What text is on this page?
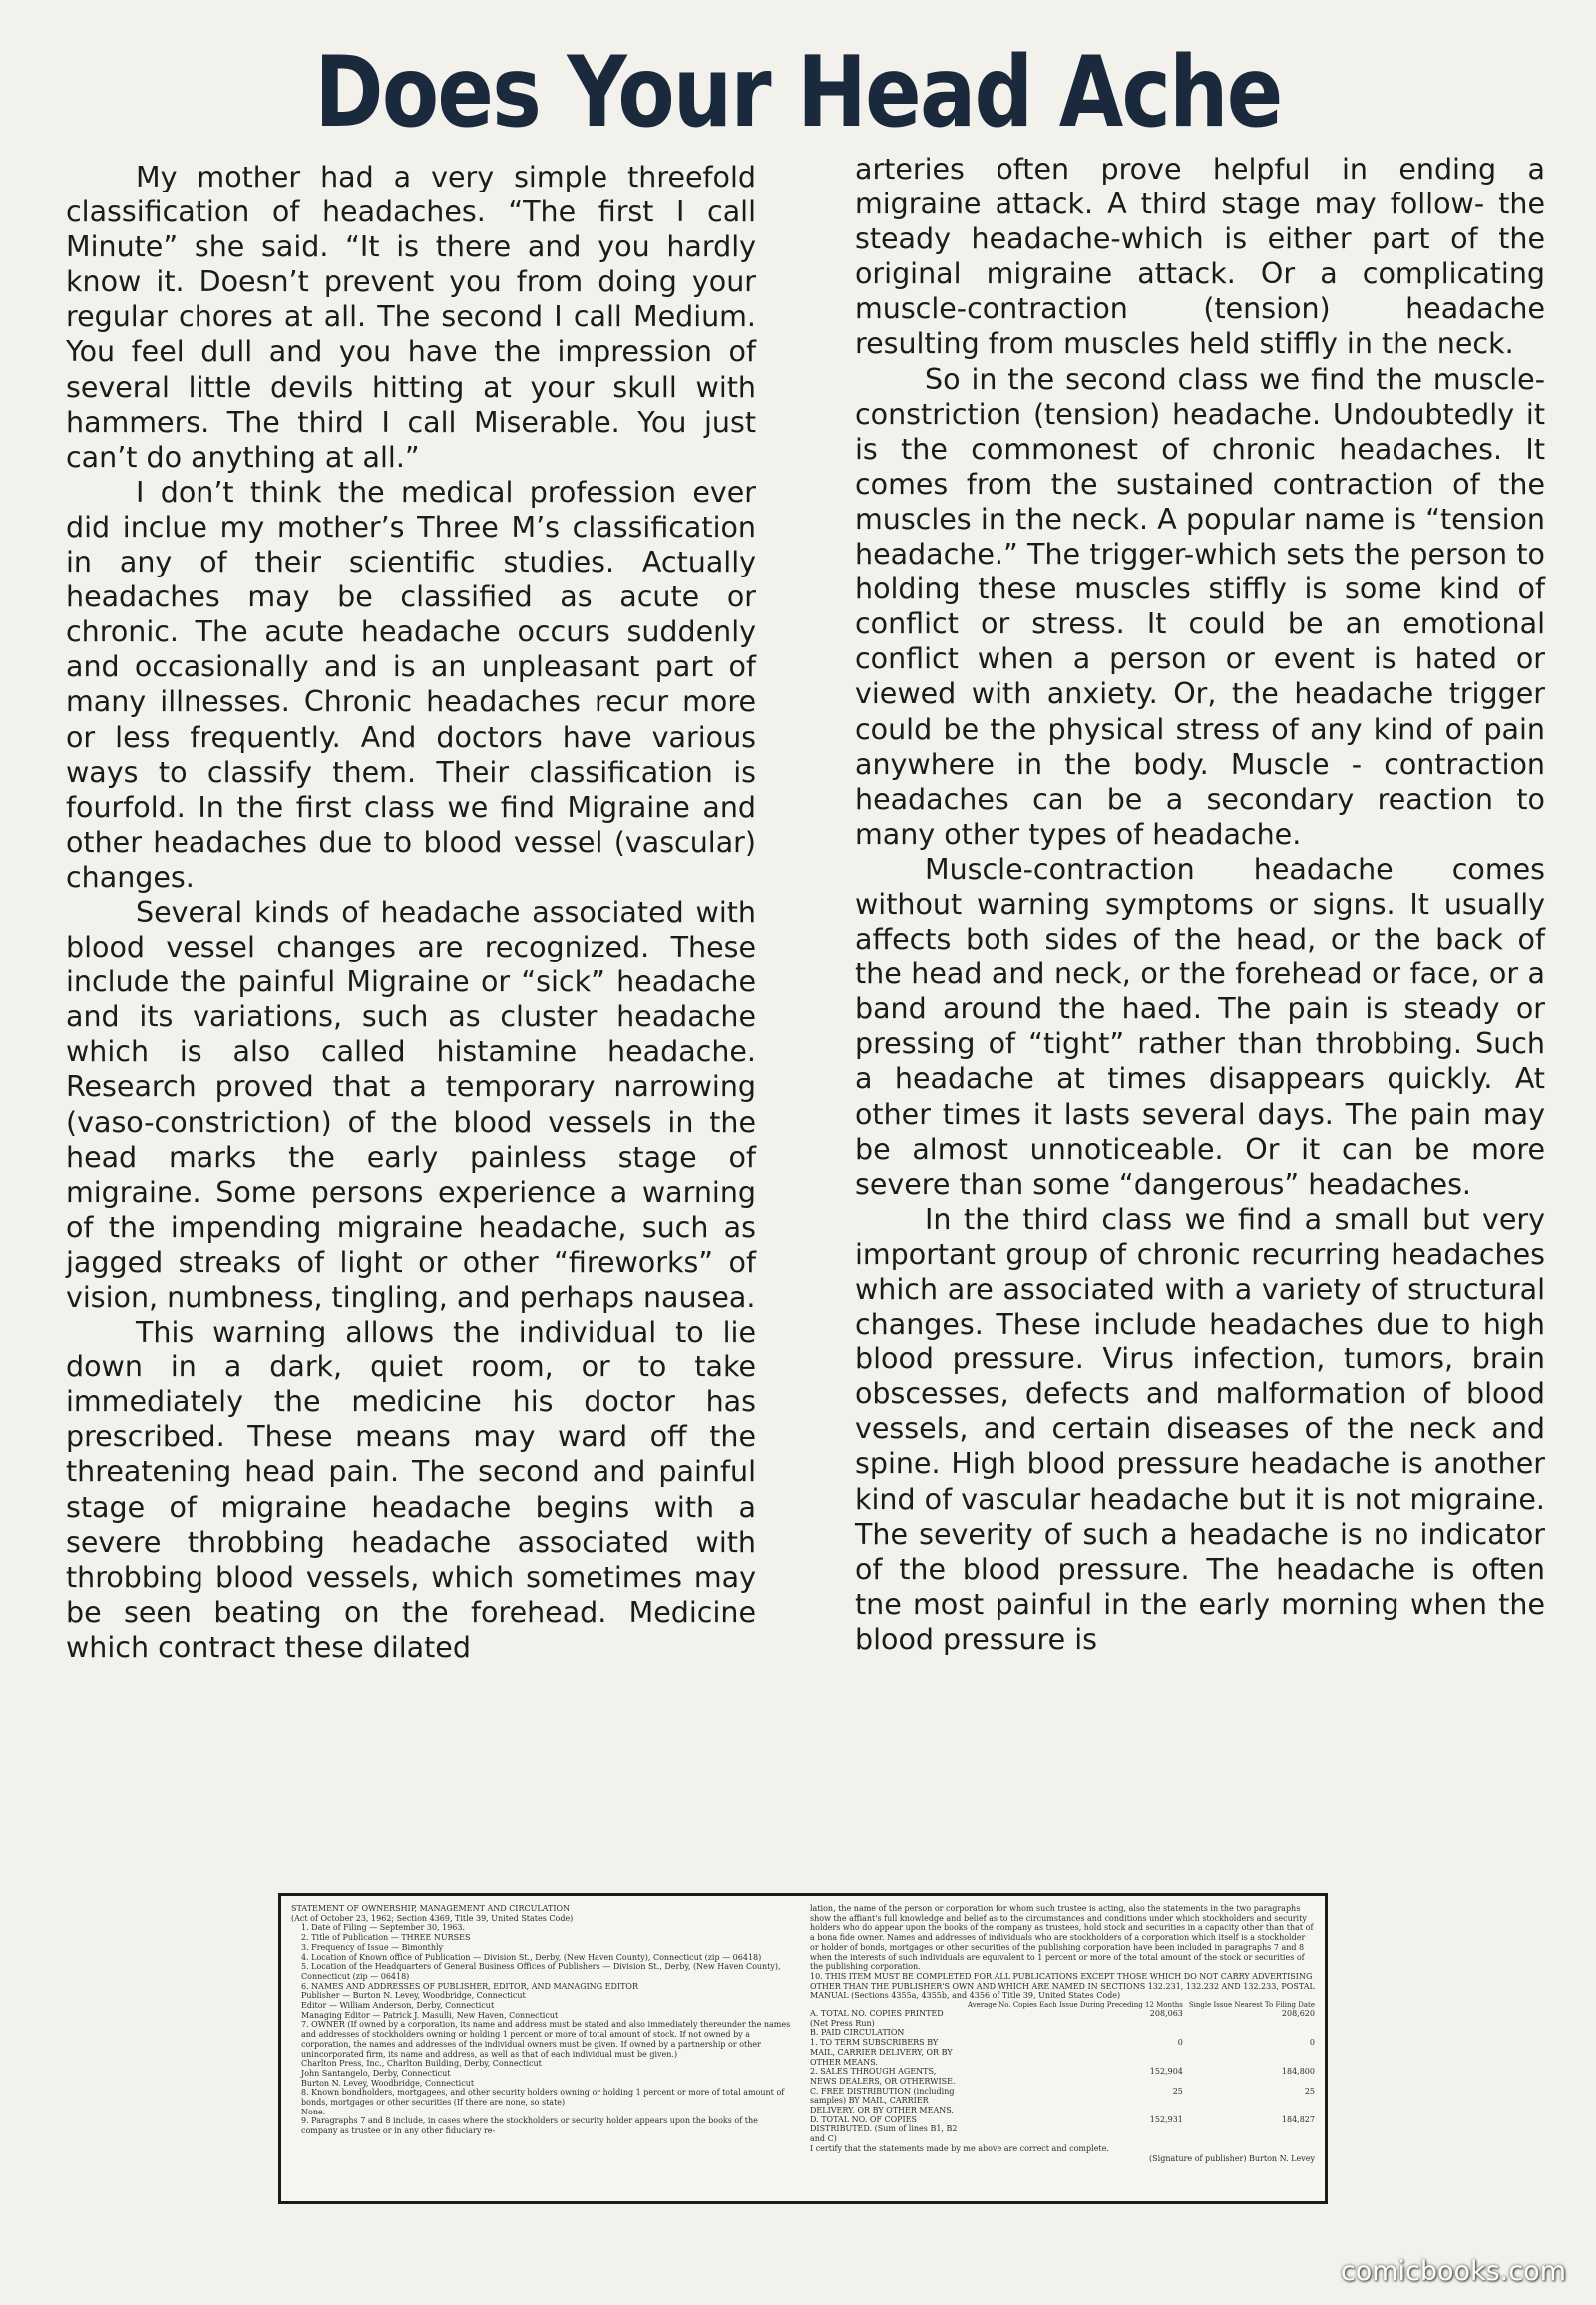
Does Your Head Ache

My mother had a very simple threefold classification of headaches. “The first I call Minute” she said. “It is there and you hardly know it. Doesn’t prevent you from doing your regular chores at all. The second I call Medium. You feel dull and you have the impression of several little devils hitting at your skull with hammers. The third I call Miserable. You just can’t do anything at all.”

I don’t think the medical profession ever did inclue my mother’s Three M’s classification in any of their scientific studies. Actually headaches may be classified as acute or chronic. The acute headache occurs suddenly and occasionally and is an unpleasant part of many illnesses. Chronic headaches recur more or less frequently. And doctors have various ways to classify them. Their classification is fourfold. In the first class we find Migraine and other headaches due to blood vessel (vascular) changes.

Several kinds of headache associated with blood vessel changes are recognized. These include the painful Migraine or “sick” headache and its variations, such as cluster headache which is also called histamine headache. Research proved that a temporary narrowing (vaso-constriction) of the blood vessels in the head marks the early painless stage of migraine. Some persons experience a warning of the impending migraine headache, such as jagged streaks of light or other “fireworks” of vision, numbness, tingling, and perhaps nausea.

This warning allows the individual to lie down in a dark, quiet room, or to take immediately the medicine his doctor has prescribed. These means may ward off the threatening head pain. The second and painful stage of migraine headache begins with a severe throbbing headache associated with throbbing blood vessels, which sometimes may be seen beating on the forehead. Medicine which contract these dilated

arteries often prove helpful in ending a migraine attack. A third stage may follow- the steady headache-which is either part of the original migraine attack. Or a complicating muscle-contraction (tension) headache resulting from muscles held stiffly in the neck.

So in the second class we find the muscle-constriction (tension) headache. Undoubtedly it is the commonest of chronic headaches. It comes from the sustained contraction of the muscles in the neck. A popular name is “tension headache.” The trigger-which sets the person to holding these muscles stiffly is some kind of conflict or stress. It could be an emotional conflict when a person or event is hated or viewed with anxiety. Or, the headache trigger could be the physical stress of any kind of pain anywhere in the body. Muscle - contraction headaches can be a secondary reaction to many other types of headache.

Muscle-contraction headache comes without warning symptoms or signs. It usually affects both sides of the head, or the back of the head and neck, or the forehead or face, or a band around the haed. The pain is steady or pressing of “tight” rather than throbbing. Such a headache at times disappears quickly. At other times it lasts several days. The pain may be almost unnoticeable. Or it can be more severe than some “dangerous” headaches.

In the third class we find a small but very important group of chronic recurring headaches which are associated with a variety of structural changes. These include headaches due to high blood pressure. Virus infection, tumors, brain obscesses, defects and malformation of blood vessels, and certain diseases of the neck and spine. High blood pressure headache is another kind of vascular headache but it is not migraine. The severity of such a headache is no indicator of the blood pressure. The headache is often tne most painful in the early morning when the blood pressure is

STATEMENT OF OWNERSHIP, MANAGEMENT AND CIRCULATION
(Act of October 23, 1962; Section 4369, Title 39, United States Code)
1. Date of Filing — September 30, 1963.
2. Title of Publication — THREE NURSES
3. Frequency of Issue — Bimonthly
4. Location of Known office of Publication — Division St., Derby, (New Haven County), Connecticut (zip — 06418)
5. Location of the Headquarters of General Business Offices of Publishers — Division St., Derby, (New Haven County), Connecticut (zip — 06418)
6. NAMES AND ADDRESSES OF PUBLISHER, EDITOR, AND MANAGING EDITOR
Publisher — Burton N. Levey, Woodbridge, Connecticut
Editor — William Anderson, Derby, Connecticut
Managing Editor — Patrick J. Masulli, New Haven, Connecticut
7. OWNER (If owned by a corporation, its name and address must be stated and also immediately thereunder the names and addresses of stockholders owning or holding 1 percent or more of total amount of stock. If not owned by a corporation, the names and addresses of the individual owners must be given. If owned by a partnership or other unincorporated firm, its name and address, as well as that of each individual must be given.)
Charlton Press, Inc., Charlton Building, Derby, Connecticut
John Santangelo, Derby, Connecticut
Burton N. Levey, Woodbridge, Connecticut
8. Known bondholders, mortgagees, and other security holders owning or holding 1 percent or more of total amount of bonds, mortgages or other securities (If there are none, so state)
None.
9. Paragraphs 7 and 8 include, in cases where the stockholders or security holder appears upon the books of the company as trustee or in any other fiduciary re-
lation, the name of the person or corporation for whom such trustee is acting, also the statements in the two paragraphs show the affiant's full knowledge and belief as to the circumstances and conditions under which stockholders and security holders who do appear upon the books of the company as trustees, hold stock and securities in a capacity other than that of a bona fide owner. Names and addresses of individuals who are stockholders of a corporation which itself is a stockholder or holder of bonds, mortgages or other securities of the publishing corporation have been included in paragraphs 7 and 8 when the interests of such individuals are equivalent to 1 percent or more of the total amount of the stock or securities of the publishing corporation.
10. THIS ITEM MUST BE COMPLETED FOR ALL PUBLICATIONS EXCEPT THOSE WHICH DO NOT CARRY ADVERTISING OTHER THAN THE PUBLISHER'S OWN AND WHICH ARE NAMED IN SECTIONS 132.231, 132.232 AND 132.233, POSTAL MANUAL (Sections 4355a, 4355b, and 4356 of Title 39, United States Code)
	Average No. Copies Each Issue During Preceding 12 Months	Single Issue Nearest To Filing Date
A. TOTAL NO. COPIES PRINTED (Net Press Run)	208,063	208,620
B. PAID CIRCULATION		
1. TO TERM SUBSCRIBERS BY MAIL, CARRIER DELIVERY, OR BY OTHER MEANS.	0	0
2. SALES THROUGH AGENTS, NEWS DEALERS, OR OTHERWISE.	152,904	184,800
C. FREE DISTRIBUTION (including samples) BY MAIL, CARRIER DELIVERY, OR BY OTHER MEANS.	25	25
D. TOTAL NO. OF COPIES DISTRIBUTED. (Sum of lines B1, B2 and C)	152,931	184,827
I certify that the statements made by me above are correct and complete.
(Signature of publisher) Burton N. Levey
comicbooks.com
